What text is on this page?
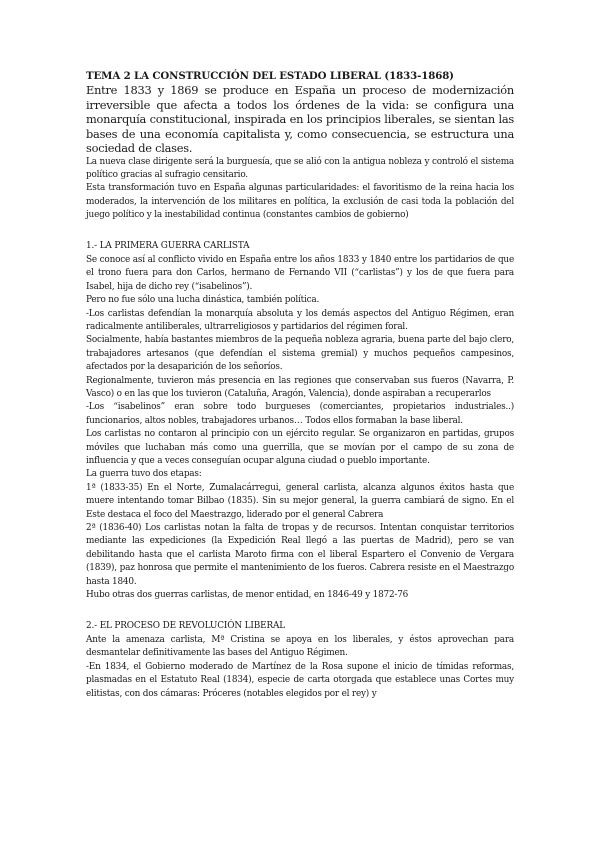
TEMA 2 LA CONSTRUCCIÓN DEL ESTADO LIBERAL (1833-1868)
Entre 1833 y 1869 se produce en España un proceso de modernización irreversible que afecta a todos los órdenes de la vida: se configura una monarquía constitucional, inspirada en los principios liberales, se sientan las bases de una economía capitalista y, como consecuencia, se estructura una sociedad de clases.

La nueva clase dirigente será la burguesía, que se alió con la antigua nobleza y controló el sistema político gracias al sufragio censitario.

Esta transformación tuvo en España algunas particularidades: el favoritismo de la reina hacia los moderados, la intervención de los militares en política, la exclusión de casi toda la población del juego político y la inestabilidad continua (constantes cambios de gobierno)

1.- LA PRIMERA GUERRA CARLISTA

Se conoce así al conflicto vivido en España entre los años 1833 y 1840 entre los partidarios de que el trono fuera para don Carlos, hermano de Fernando VII (“carlistas”) y los de que fuera para Isabel, hija de dicho rey (“isabelinos”).

Pero no fue sólo una lucha dinástica, también política.

-Los carlistas defendían la monarquía absoluta y los demás aspectos del Antiguo Régimen, eran radicalmente antiliberales, ultrarreligiosos y partidarios del régimen foral.

Socialmente, había bastantes miembros de la pequeña nobleza agraria, buena parte del bajo clero, trabajadores artesanos (que defendían el sistema gremial) y muchos pequeños campesinos, afectados por la desaparición de los señoríos.

Regionalmente, tuvieron más presencia en las regiones que conservaban sus fueros (Navarra, P. Vasco) o en las que los tuvieron (Cataluña, Aragón, Valencia), donde aspiraban a recuperarlos

-Los “isabelinos” eran sobre todo burgueses (comerciantes, propietarios industriales..) funcionarios, altos nobles, trabajadores urbanos… Todos ellos formaban la base liberal.

Los carlistas no contaron al principio con un ejército regular. Se organizaron en partidas, grupos móviles que luchaban más como una guerrilla, que se movían por el campo de su zona de influencia y que a veces conseguían ocupar alguna ciudad o pueblo importante.

La guerra tuvo dos etapas:

1ª (1833-35) En el Norte, Zumalacárregui, general carlista, alcanza algunos éxitos hasta que muere intentando tomar Bilbao (1835). Sin su mejor general, la guerra cambiará de signo. En el Este destaca el foco del Maestrazgo, liderado por el general Cabrera

2ª (1836-40) Los carlistas notan la falta de tropas y de recursos. Intentan conquistar territorios mediante las expediciones (la Expedición Real llegó a las puertas de Madrid), pero se van debilitando hasta que el carlista Maroto firma con el liberal Espartero el Convenio de Vergara (1839), paz honrosa que permite el mantenimiento de los fueros. Cabrera resiste en el Maestrazgo hasta 1840.

Hubo otras dos guerras carlistas, de menor entidad, en 1846-49 y 1872-76

2.- EL PROCESO DE REVOLUCIÓN LIBERAL

Ante la amenaza carlista, Mª Cristina se apoya en los liberales, y éstos aprovechan para desmantelar definitivamente las bases del Antiguo Régimen.

-En 1834, el Gobierno moderado de Martínez de la Rosa supone el inicio de tímidas reformas, plasmadas en el Estatuto Real (1834), especie de carta otorgada que establece unas Cortes muy elitistas, con dos cámaras: Próceres (notables elegidos por el rey) y
